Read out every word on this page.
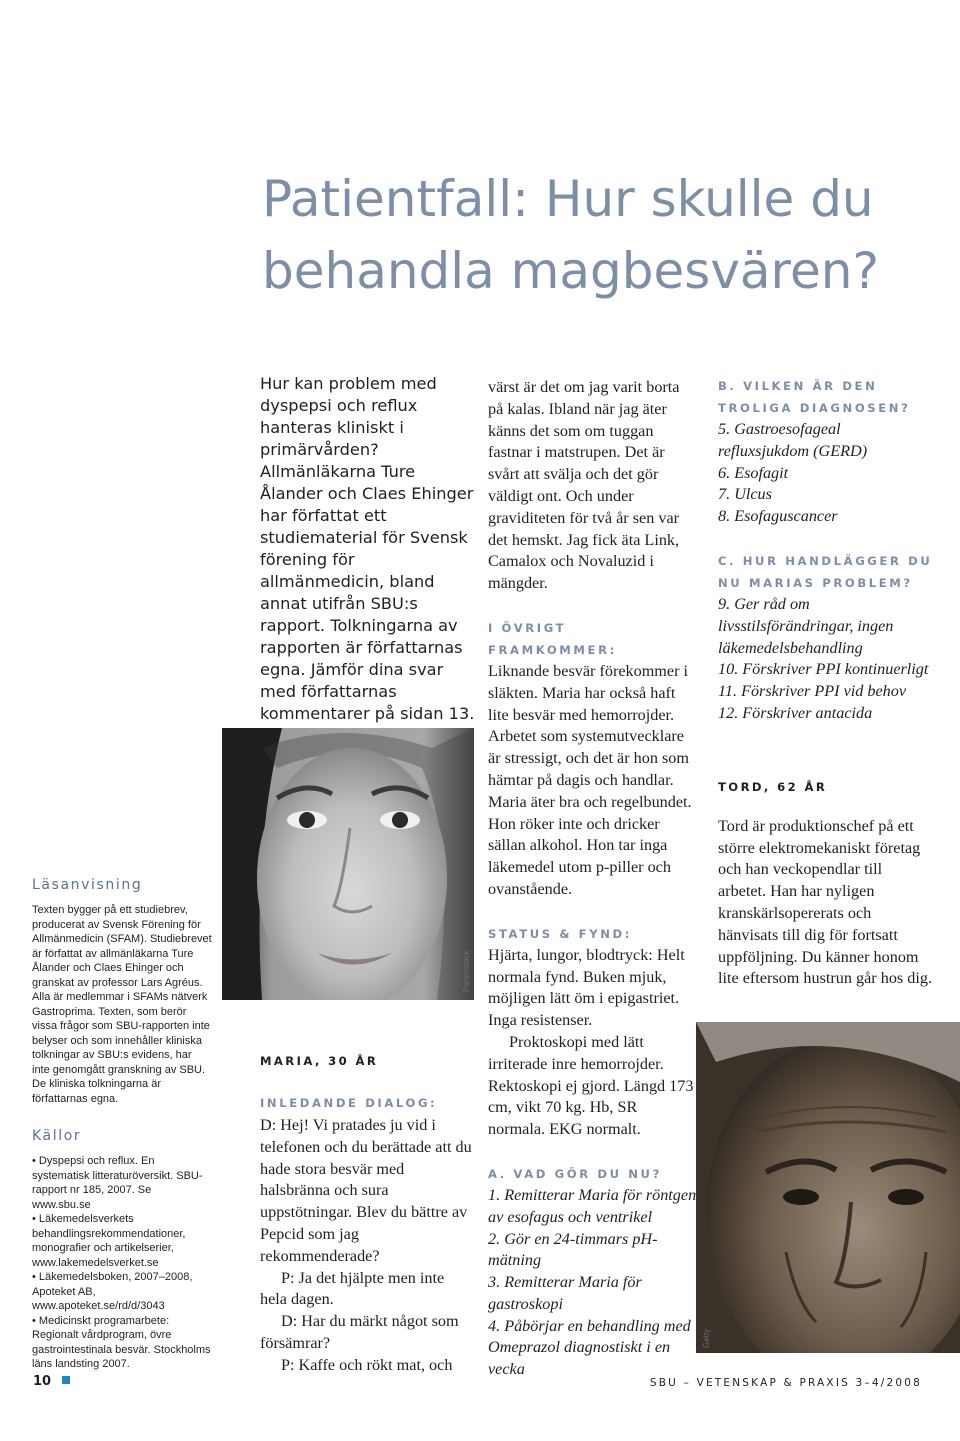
Patientfall: Hur skulle du
behandla magbesvären?

Hur kan problem med dyspepsi och reflux hanteras kliniskt i primärvården? Allmänläkarna Ture Ålander och Claes Ehinger har författat ett studiematerial för Svensk förening för allmänmedicin, bland annat utifrån SBU:s rapport. Tolkningarna av rapporten är författarnas egna. Jämför dina svar med författarnas kommentarer på sidan 13.

Läsanvisning

Texten bygger på ett studiebrev, producerat av Svensk Förening för Allmänmedicin (SFAM). Studiebrevet är författat av allmänläkarna Ture Ålander och Claes Ehinger och granskat av professor Lars Agréus. Alla är medlemmar i SFAMs nätverk Gastroprima. Texten, som berör vissa frågor som SBU-rapporten inte belyser och som innehåller kliniska tolkningar av SBU:s evidens, har inte genomgått granskning av SBU. De kliniska tolkningarna är författarnas egna.

Källor

• Dyspepsi och reflux. En systematisk litteraturöversikt. SBU-rapport nr 185, 2007. Se www.sbu.se

• Läkemedelsverkets behandlingsrekommendationer, monografier och artikelserier, www.lakemedelsverket.se

• Läkemedelsboken, 2007–2008, Apoteket AB, www.apoteket.se/rd/d/3043

• Medicinskt programarbete: Regionalt vårdprogram, övre gastrointestinala besvär. Stockholms läns landsting 2007.

Punchstock
Getty

MARIA, 30 ÅR

INLEDANDE DIALOG:

D: Hej! Vi pratades ju vid i telefonen och du berättade att du hade stora besvär med halsbränna och sura uppstötningar. Blev du bättre av Pepcid som jag rekommenderade?

P: Ja det hjälpte men inte hela dagen.

D: Har du märkt något som försämrar?

P: Kaffe och rökt mat, och

värst är det om jag varit borta på kalas. Ibland när jag äter känns det som om tuggan fastnar i matstrupen. Det är svårt att svälja och det gör väldigt ont. Och under graviditeten för två år sen var det hemskt. Jag fick äta Link, Camalox och Novaluzid i mängder.

I ÖVRIGT FRAMKOMMER:

Liknande besvär förekommer i släkten. Maria har också haft lite besvär med hemorrojder. Arbetet som systemutvecklare är stressigt, och det är hon som hämtar på dagis och handlar. Maria äter bra och regelbundet. Hon röker inte och dricker sällan alkohol. Hon tar inga läkemedel utom p-piller och ovanstående.

STATUS & FYND:

Hjärta, lungor, blodtryck: Helt normala fynd. Buken mjuk, möjligen lätt öm i epigastriet. Inga resistenser.

Proktoskopi med lätt irriterade inre hemorrojder. Rektoskopi ej gjord. Längd 173 cm, vikt 70 kg. Hb, SR normala. EKG normalt.

A. VAD GÖR DU NU?

1. Remitterar Maria för röntgen av esofagus och ventrikel

2. Gör en 24-timmars pH-mätning

3. Remitterar Maria för gastroskopi

4. Påbörjar en behandling med Omeprazol diagnostiskt i en vecka

B. VILKEN ÄR DEN
TROLIGA DIAGNOSEN?

5. Gastroesofageal refluxsjukdom (GERD)

6. Esofagit

7. Ulcus

8. Esofaguscancer

C. HUR HANDLÄGGER DU
NU MARIAS PROBLEM?

9. Ger råd om livsstilsförändringar, ingen läkemedelsbehandling

10. Förskriver PPI kontinuerligt

11. Förskriver PPI vid behov

12. Förskriver antacida

TORD, 62 ÅR

Tord är produktionschef på ett större elektromekaniskt företag och han veckopendlar till arbetet. Han har nyligen kranskärlsopererats och hänvisats till dig för fortsatt uppföljning. Du känner honom lite eftersom hustrun går hos dig.

10	SBU – VETENSKAP & PRAXIS 3–4/2008
